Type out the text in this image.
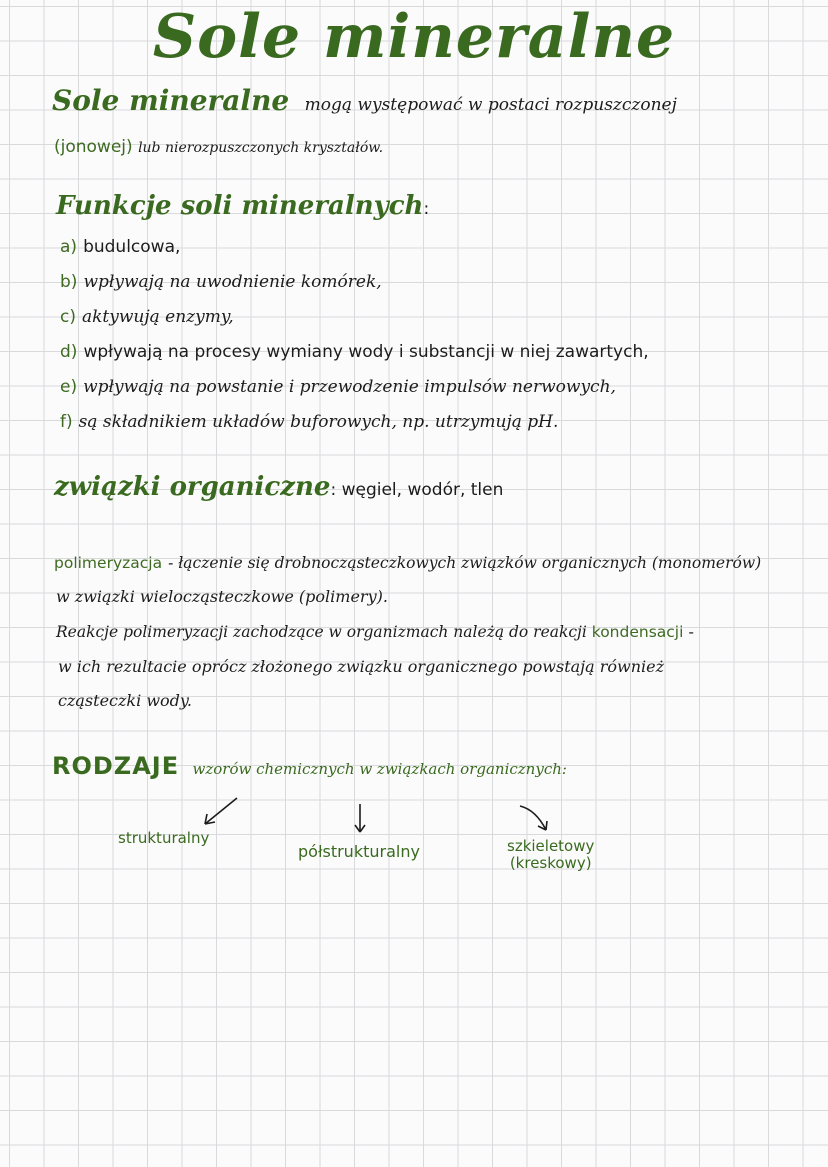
Sole mineralne
Sole mineralne mogą występować w postaci rozpuszczonej
(jonowej) lub nierozpuszczonych kryształów.
Funkcje soli mineralnych:
a) budulcowa,
b) wpływają na uwodnienie komórek,
c) aktywują enzymy,
d) wpływają na procesy wymiany wody i substancji w niej zawartych,
e) wpływają na powstanie i przewodzenie impulsów nerwowych,
f) są składnikiem układów buforowych, np. utrzymują pH.
związki organiczne: węgiel, wodór, tlen
polimeryzacja - łączenie się drobnocząsteczkowych związków organicznych (monomerów)
w związki wielocząsteczkowe (polimery).
Reakcje polimeryzacji zachodzące w organizmach należą do reakcji kondensacji -
w ich rezultacie oprócz złożonego związku organicznego powstają również
cząsteczki wody.
RODZAJE wzorów chemicznych w związkach organicznych:
strukturalny
półstrukturalny	szkieletowy
(kreskowy)
